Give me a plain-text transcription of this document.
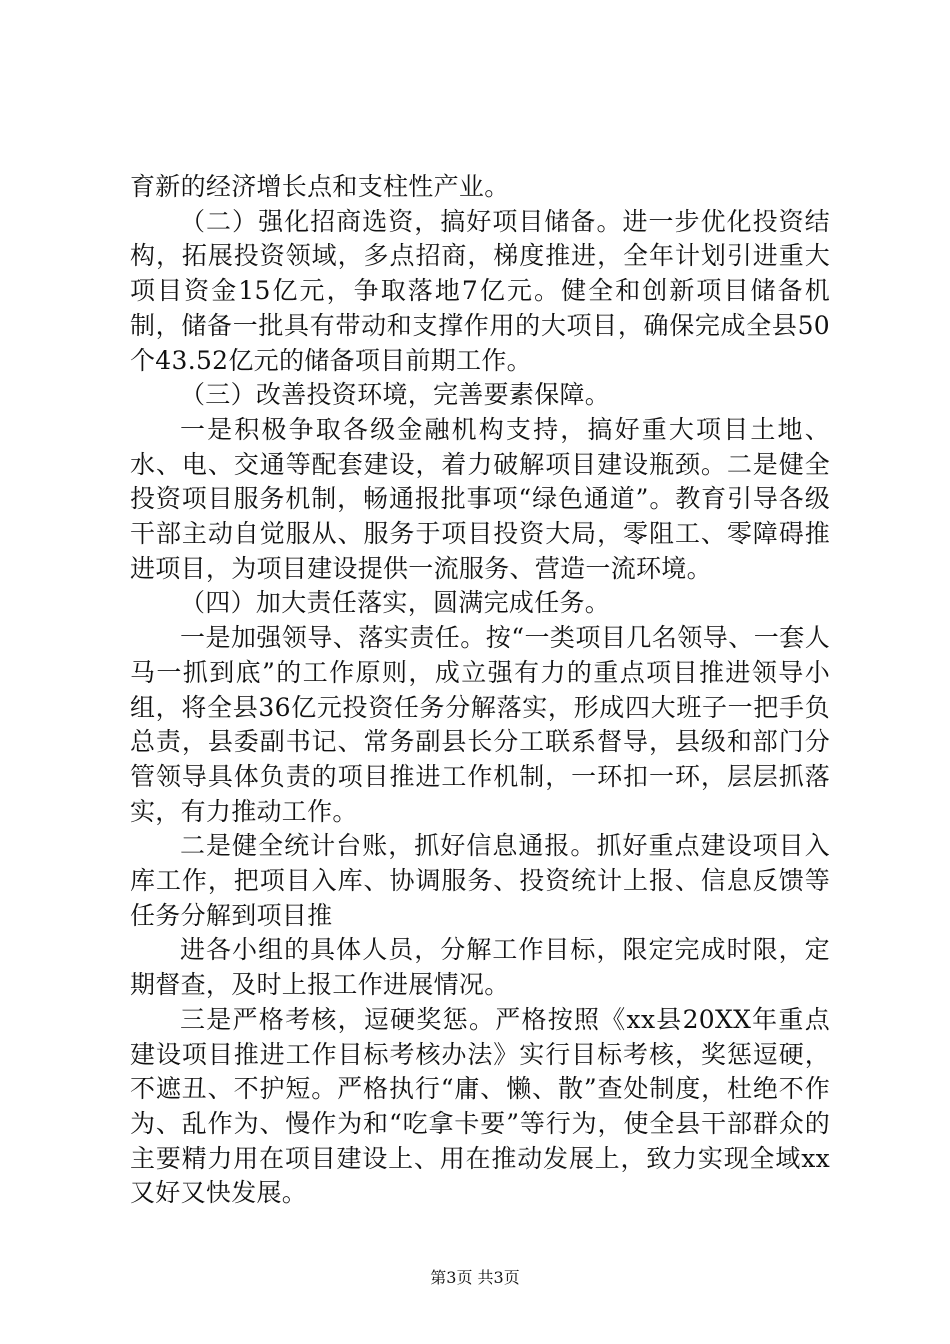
育新的经济增长点和支柱性产业。

（二）强化招商选资，搞好项目储备。进一步优化投资结构，拓展投资领域，多点招商，梯度推进，全年计划引进重大项目资金15亿元，争取落地7亿元。健全和创新项目储备机制，储备一批具有带动和支撑作用的大项目，确保完成全县50个43.52亿元的储备项目前期工作。

（三）改善投资环境，完善要素保障。

一是积极争取各级金融机构支持，搞好重大项目土地、水、电、交通等配套建设，着力破解项目建设瓶颈。二是健全投资项目服务机制，畅通报批事项“绿色通道”。教育引导各级干部主动自觉服从、服务于项目投资大局，零阻工、零障碍推进项目，为项目建设提供一流服务、营造一流环境。

（四）加大责任落实，圆满完成任务。

一是加强领导、落实责任。按“一类项目几名领导、一套人马一抓到底”的工作原则，成立强有力的重点项目推进领导小组，将全县36亿元投资任务分解落实，形成四大班子一把手负总责，县委副书记、常务副县长分工联系督导，县级和部门分管领导具体负责的项目推进工作机制，一环扣一环，层层抓落实，有力推动工作。

二是健全统计台账，抓好信息通报。抓好重点建设项目入库工作，把项目入库、协调服务、投资统计上报、信息反馈等任务分解到项目推

进各小组的具体人员，分解工作目标，限定完成时限，定期督查，及时上报工作进展情况。

三是严格考核，逗硬奖惩。严格按照《xx县20XX年重点建设项目推进工作目标考核办法》实行目标考核，奖惩逗硬，不遮丑、不护短。严格执行“庸、懒、散”查处制度，杜绝不作为、乱作为、慢作为和“吃拿卡要”等行为，使全县干部群众的主要精力用在项目建设上、用在推动发展上，致力实现全域xx又好又快发展。

第3页 共3页
